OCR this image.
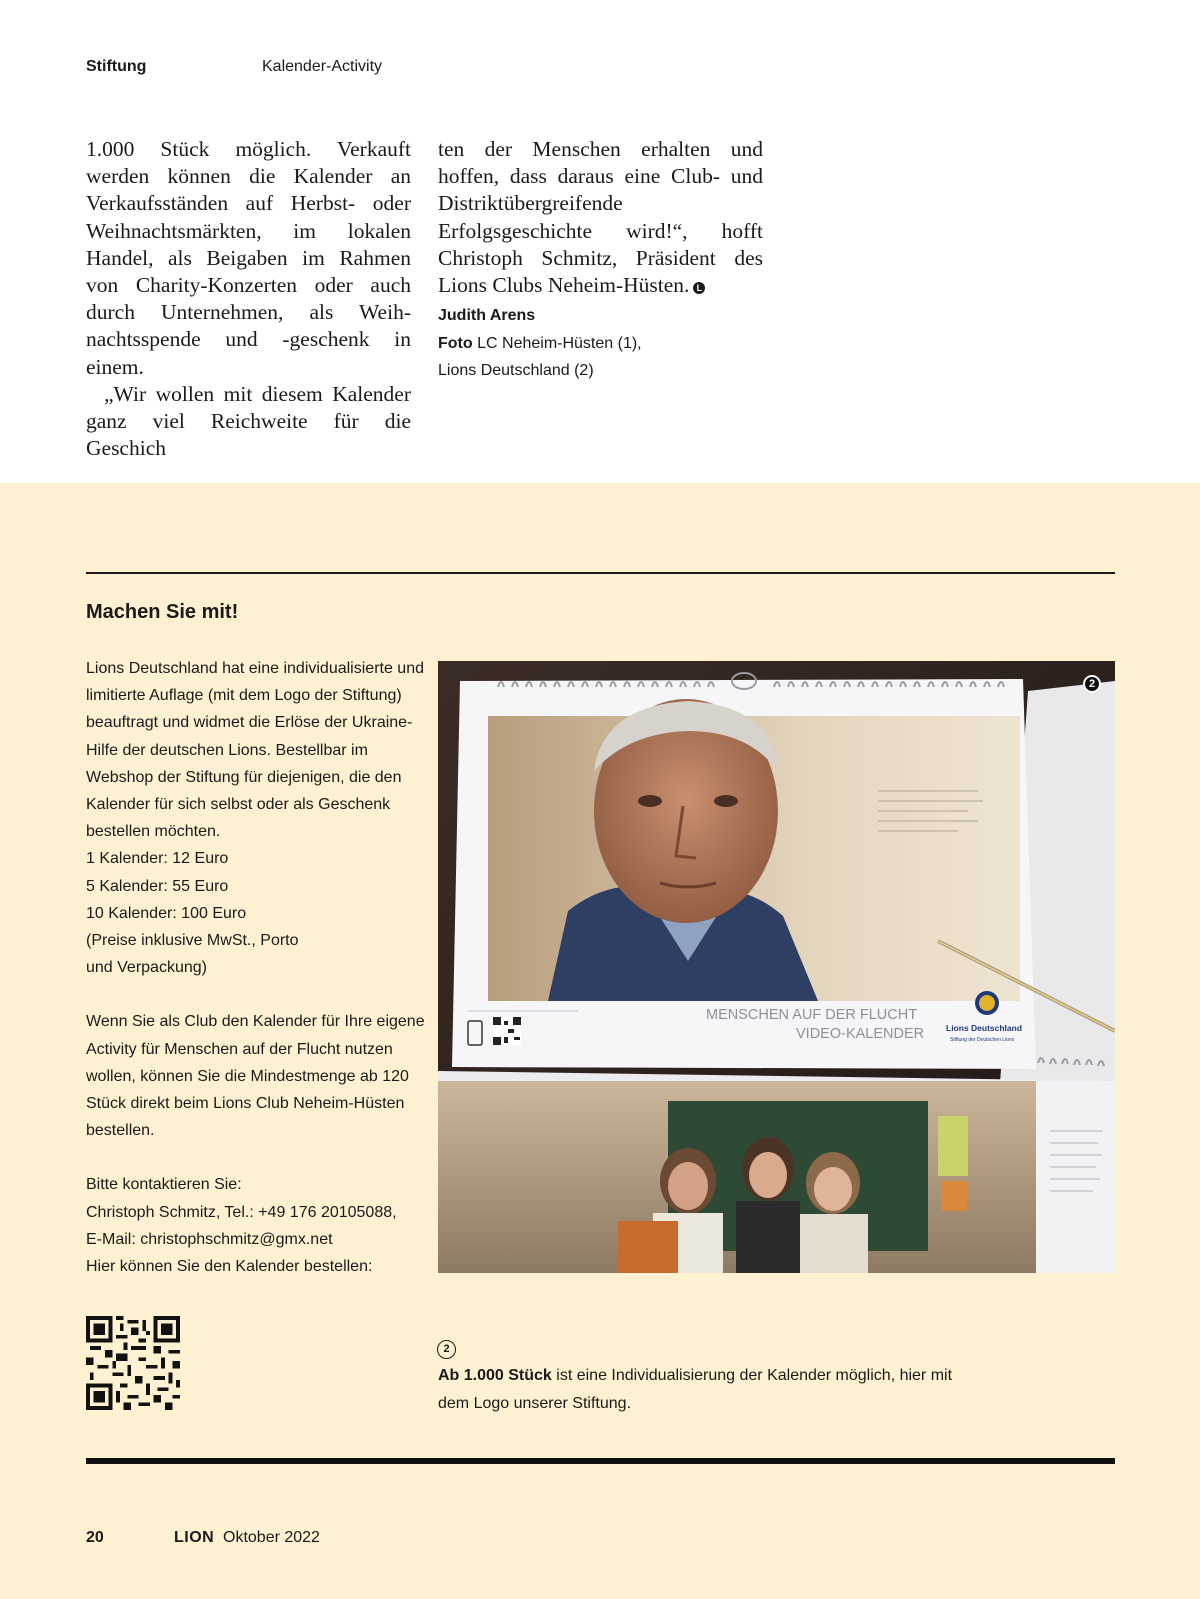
Stiftung	Kalender-Activity

1.000 Stück möglich. Verkauft werden können die Kalender an Verkaufsständen auf Herbst- oder Weihnachtsmärkten, im lokalen Handel, als Beigaben im Rahmen von Charity-Konzerten oder auch durch Unternehmen, als Weihnachtsspende und -geschenk in einem.

„Wir wollen mit diesem Kalender ganz viel Reichweite für die Geschich

ten der Menschen erhalten und hoffen, dass daraus eine Club- und Distriktübergreifende Erfolgsgeschichte wird!“, hofft Christoph Schmitz, Präsident des Lions Clubs Neheim-Hüsten. L

Judith Arens
Foto LC Neheim-Hüsten (1),
Lions Deutschland (2)
Machen Sie mit!

Lions Deutschland hat eine individualisierte und limitierte Auflage (mit dem Logo der Stiftung) beauftragt und widmet die Erlöse der Ukraine-Hilfe der deutschen Lions. Bestellbar im Webshop der Stiftung für diejenigen, die den Kalender für sich selbst oder als Geschenk bestellen möchten.

1 Kalender: 12 Euro

5 Kalender: 55 Euro

10 Kalender: 100 Euro

(Preise inklusive MwSt., Porto

und Verpackung)

Wenn Sie als Club den Kalender für Ihre eigene Activity für Menschen auf der Flucht nutzen wollen, können Sie die Mindestmenge ab 120 Stück direkt beim Lions Club Neheim-Hüsten bestellen.

Bitte kontaktieren Sie:

Christoph Schmitz, Tel.: +49 176 20105088,

E-Mail: christophschmitz@gmx.net

Hier können Sie den Kalender bestellen:

MENSCHEN AUF DER FLUCHT
VIDEO-KALENDER	Lions Deutschland
Stiftung der Deutschen Lions
2
2
Ab 1.000 Stück ist eine Individualisierung der Kalender möglich, hier mit dem Logo unserer Stiftung.
20	LION Oktober 2022
